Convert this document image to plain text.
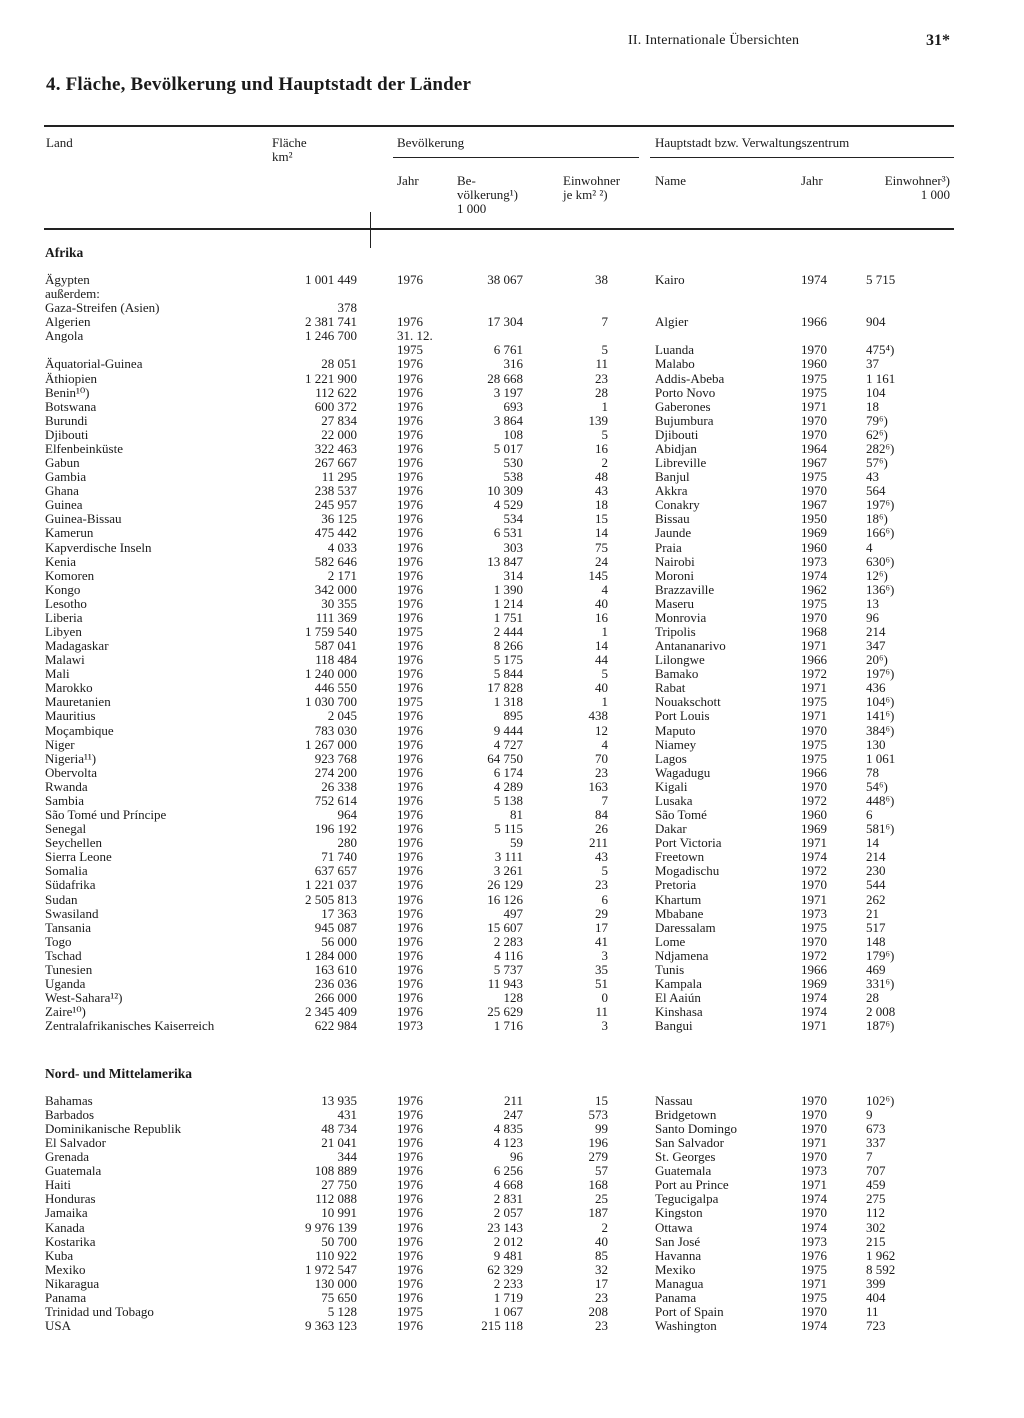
II. Internationale Übersichten	31*
4. Fläche, Bevölkerung und Hauptstadt der Länder
Land	Fläche
km²
Bevölkerung	Hauptstadt bzw. Verwaltungszentrum
Jahr	Be-
völkerung¹)
1 000
Einwohner
je km² ²)
Name	Jahr	Einwohner³)
1 000
Afrika
Ägypten	1 001 449	1976	38 067	38	Kairo	1974	5 715
außerdem:
Gaza-Streifen (Asien)	378
Algerien	2 381 741	1976	17 304	7	Algier	1966	904
Angola	1 246 700	31. 12.
1975	6 761	5	Luanda	1970	475⁴)
Äquatorial-Guinea	28 051	1976	316	11	Malabo	1960	37
Äthiopien	1 221 900	1976	28 668	23	Addis-Abeba	1975	1 161
Benin¹⁰)	112 622	1976	3 197	28	Porto Novo	1975	104
Botswana	600 372	1976	693	1	Gaberones	1971	18
Burundi	27 834	1976	3 864	139	Bujumbura	1970	79⁶)
Djibouti	22 000	1976	108	5	Djibouti	1970	62⁶)
Elfenbeinküste	322 463	1976	5 017	16	Abidjan	1964	282⁶)
Gabun	267 667	1976	530	2	Libreville	1967	57⁶)
Gambia	11 295	1976	538	48	Banjul	1975	43
Ghana	238 537	1976	10 309	43	Akkra	1970	564
Guinea	245 957	1976	4 529	18	Conakry	1967	197⁶)
Guinea-Bissau	36 125	1976	534	15	Bissau	1950	18⁶)
Kamerun	475 442	1976	6 531	14	Jaunde	1969	166⁶)
Kapverdische Inseln	4 033	1976	303	75	Praia	1960	4
Kenia	582 646	1976	13 847	24	Nairobi	1973	630⁶)
Komoren	2 171	1976	314	145	Moroni	1974	12⁶)
Kongo	342 000	1976	1 390	4	Brazzaville	1962	136⁶)
Lesotho	30 355	1976	1 214	40	Maseru	1975	13
Liberia	111 369	1976	1 751	16	Monrovia	1970	96
Libyen	1 759 540	1975	2 444	1	Tripolis	1968	214
Madagaskar	587 041	1976	8 266	14	Antananarivo	1971	347
Malawi	118 484	1976	5 175	44	Lilongwe	1966	20⁶)
Mali	1 240 000	1976	5 844	5	Bamako	1972	197⁶)
Marokko	446 550	1976	17 828	40	Rabat	1971	436
Mauretanien	1 030 700	1975	1 318	1	Nouakschott	1975	104⁶)
Mauritius	2 045	1976	895	438	Port Louis	1971	141⁶)
Moçambique	783 030	1976	9 444	12	Maputo	1970	384⁶)
Niger	1 267 000	1976	4 727	4	Niamey	1975	130
Nigeria¹¹)	923 768	1976	64 750	70	Lagos	1975	1 061
Obervolta	274 200	1976	6 174	23	Wagadugu	1966	78
Rwanda	26 338	1976	4 289	163	Kigali	1970	54⁶)
Sambia	752 614	1976	5 138	7	Lusaka	1972	448⁶)
São Tomé und Príncipe	964	1976	81	84	São Tomé	1960	6
Senegal	196 192	1976	5 115	26	Dakar	1969	581⁶)
Seychellen	280	1976	59	211	Port Victoria	1971	14
Sierra Leone	71 740	1976	3 111	43	Freetown	1974	214
Somalia	637 657	1976	3 261	5	Mogadischu	1972	230
Südafrika	1 221 037	1976	26 129	23	Pretoria	1970	544
Sudan	2 505 813	1976	16 126	6	Khartum	1971	262
Swasiland	17 363	1976	497	29	Mbabane	1973	21
Tansania	945 087	1976	15 607	17	Daressalam	1975	517
Togo	56 000	1976	2 283	41	Lome	1970	148
Tschad	1 284 000	1976	4 116	3	Ndjamena	1972	179⁶)
Tunesien	163 610	1976	5 737	35	Tunis	1966	469
Uganda	236 036	1976	11 943	51	Kampala	1969	331⁶)
West-Sahara¹²)	266 000	1976	128	0	El Aaiún	1974	28
Zaire¹⁰)	2 345 409	1976	25 629	11	Kinshasa	1974	2 008
Zentralafrikanisches Kaiserreich	622 984	1973	1 716	3	Bangui	1971	187⁶)
Nord- und Mittelamerika
Bahamas	13 935	1976	211	15	Nassau	1970	102⁶)
Barbados	431	1976	247	573	Bridgetown	1970	9
Dominikanische Republik	48 734	1976	4 835	99	Santo Domingo	1970	673
El Salvador	21 041	1976	4 123	196	San Salvador	1971	337
Grenada	344	1976	96	279	St. Georges	1970	7
Guatemala	108 889	1976	6 256	57	Guatemala	1973	707
Haiti	27 750	1976	4 668	168	Port au Prince	1971	459
Honduras	112 088	1976	2 831	25	Tegucigalpa	1974	275
Jamaika	10 991	1976	2 057	187	Kingston	1970	112
Kanada	9 976 139	1976	23 143	2	Ottawa	1974	302
Kostarika	50 700	1976	2 012	40	San José	1973	215
Kuba	110 922	1976	9 481	85	Havanna	1976	1 962
Mexiko	1 972 547	1976	62 329	32	Mexiko	1975	8 592
Nikaragua	130 000	1976	2 233	17	Managua	1971	399
Panama	75 650	1976	1 719	23	Panama	1975	404
Trinidad und Tobago	5 128	1975	1 067	208	Port of Spain	1970	11
USA	9 363 123	1976	215 118	23	Washington	1974	723
